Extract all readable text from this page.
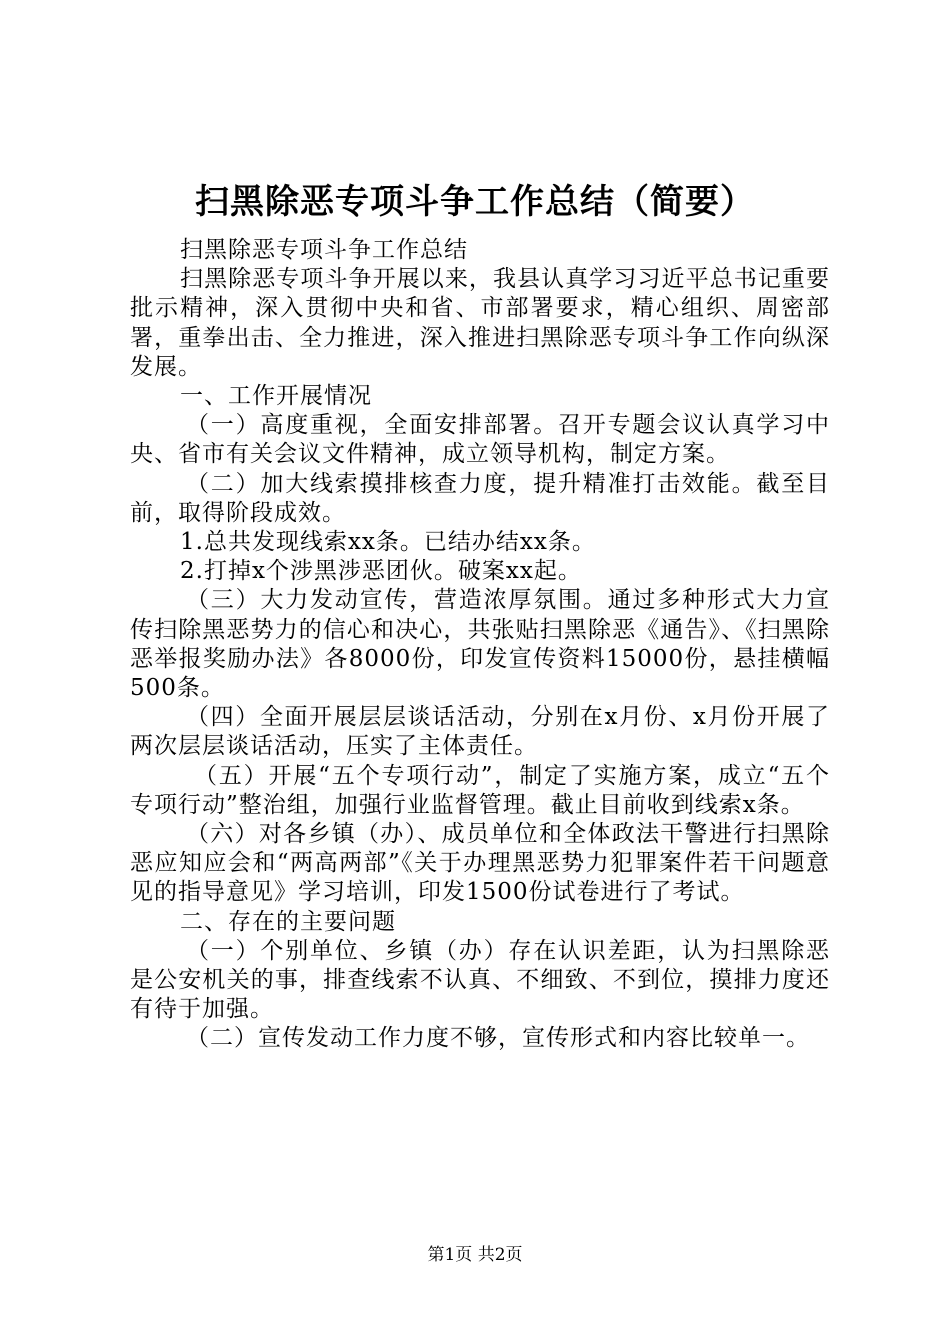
扫黑除恶专项斗争工作总结（简要）

扫黑除恶专项斗争工作总结

扫黑除恶专项斗争开展以来，我县认真学习习近平总书记重要批示精神，深入贯彻中央和省、市部署要求，精心组织、周密部署，重拳出击、全力推进，深入推进扫黑除恶专项斗争工作向纵深发展。

一、工作开展情况

（一）高度重视，全面安排部署。召开专题会议认真学习中央、省市有关会议文件精神，成立领导机构，制定方案。

（二）加大线索摸排核查力度，提升精准打击效能。截至目前，取得阶段成效。

1.总共发现线索xx条。已结办结xx条。

2.打掉x个涉黑涉恶团伙。破案xx起。

（三）大力发动宣传，营造浓厚氛围。通过多种形式大力宣传扫除黑恶势力的信心和决心，共张贴扫黑除恶《通告》、《扫黑除恶举报奖励办法》各8000份，印发宣传资料15000份，悬挂横幅500条。

（四）全面开展层层谈话活动，分别在x月份、x月份开展了两次层层谈话活动，压实了主体责任。

（五）开展“五个专项行动”，制定了实施方案，成立“五个专项行动”整治组，加强行业监督管理。截止目前收到线索x条。

（六）对各乡镇（办）、成员单位和全体政法干警进行扫黑除恶应知应会和“两高两部”《关于办理黑恶势力犯罪案件若干问题意见的指导意见》学习培训，印发1500份试卷进行了考试。

二、存在的主要问题

（一）个别单位、乡镇（办）存在认识差距，认为扫黑除恶是公安机关的事，排查线索不认真、不细致、不到位，摸排力度还有待于加强。

（二）宣传发动工作力度不够，宣传形式和内容比较单一。

第1页 共2页
